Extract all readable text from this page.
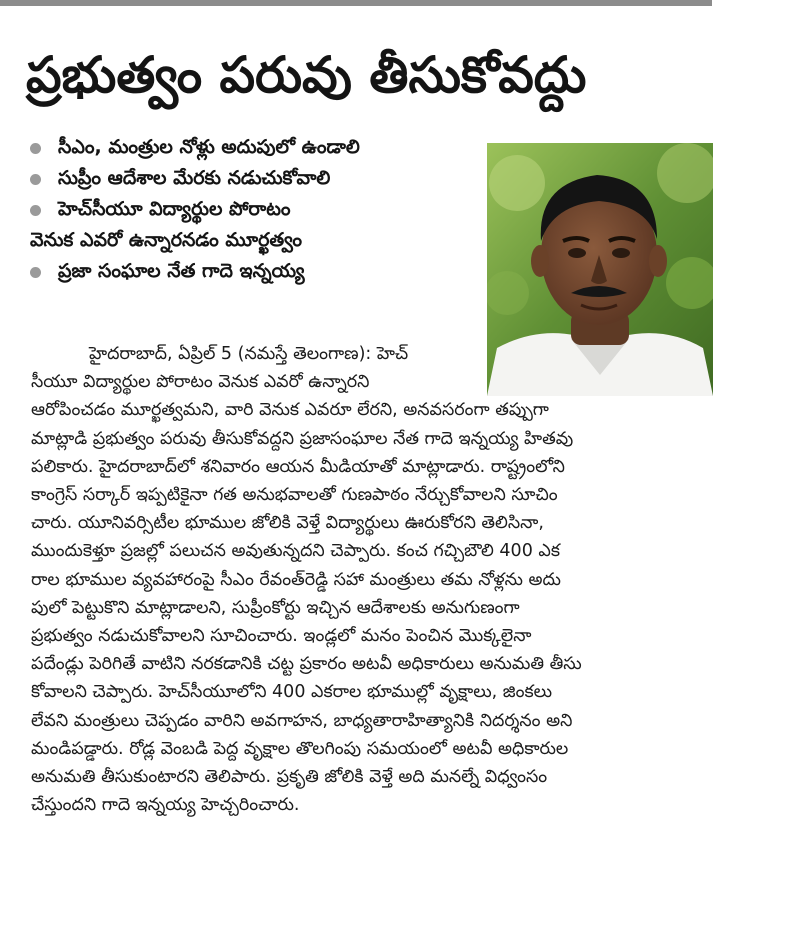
ప్రభుత్వం పరువు తీసుకోవద్దు
సీఎం, మంత్రుల నోళ్లు అదుపులో ఉండాలి
సుప్రీం ఆదేశాల మేరకు నడుచుకోవాలి
హెచ్‌సీయూ విద్యార్థుల పోరాటం
వెనుక ఎవరో ఉన్నారనడం మూర్ఖత్వం
ప్రజా సంఘాల నేత గాదె ఇన్నయ్య
హైదరాబాద్, ఏప్రిల్ 5 (నమస్తే తెలంగాణ): హెచ్
సీయూ విద్యార్థుల పోరాటం వెనుక ఎవరో ఉన్నారని
ఆరోపించడం మూర్ఖత్వమని, వారి వెనుక ఎవరూ లేరని, అనవసరంగా తప్పుగా
మాట్లాడి ప్రభుత్వం పరువు తీసుకోవద్దని ప్రజాసంఘాల నేత గాదె ఇన్నయ్య హితవు
పలికారు. హైదరాబాద్‌లో శనివారం ఆయన మీడియాతో మాట్లాడారు. రాష్ట్రంలోని
కాంగ్రెస్ సర్కార్ ఇప్పటికైనా గత అనుభవాలతో గుణపాఠం నేర్చుకోవాలని సూచిం
చారు. యూనివర్సిటీల భూముల జోలికి వెళ్తే విద్యార్థులు ఊరుకోరని తెలిసినా,
ముందుకెళ్తూ ప్రజల్లో పలుచన అవుతున్నదని చెప్పారు. కంచ గచ్చిబౌలి 400 ఎక
రాల భూముల వ్యవహారంపై సీఎం రేవంత్‌రెడ్డి సహా మంత్రులు తమ నోళ్లను అదు
పులో పెట్టుకొని మాట్లాడాలని, సుప్రీంకోర్టు ఇచ్చిన ఆదేశాలకు అనుగుణంగా
ప్రభుత్వం నడుచుకోవాలని సూచించారు. ఇండ్లలో మనం పెంచిన మొక్కలైనా
పదేండ్లు పెరిగితే వాటిని నరకడానికి చట్ట ప్రకారం అటవీ అధికారులు అనుమతి తీసు
కోవాలని చెప్పారు. హెచ్‌సీయూలోని 400 ఎకరాల భూముల్లో వృక్షాలు, జింకలు
లేవని మంత్రులు చెప్పడం వారిని అవగాహన, బాధ్యతారాహిత్యానికి నిదర్శనం అని
మండిపడ్డారు. రోడ్ల వెంబడి పెద్ద వృక్షాల తొలగింపు సమయంలో అటవీ అధికారుల
అనుమతి తీసుకుంటారని తెలిపారు. ప్రకృతి జోలికి వెళ్తే అది మనల్నే విధ్వంసం
చేస్తుందని గాదె ఇన్నయ్య హెచ్చరించారు.
